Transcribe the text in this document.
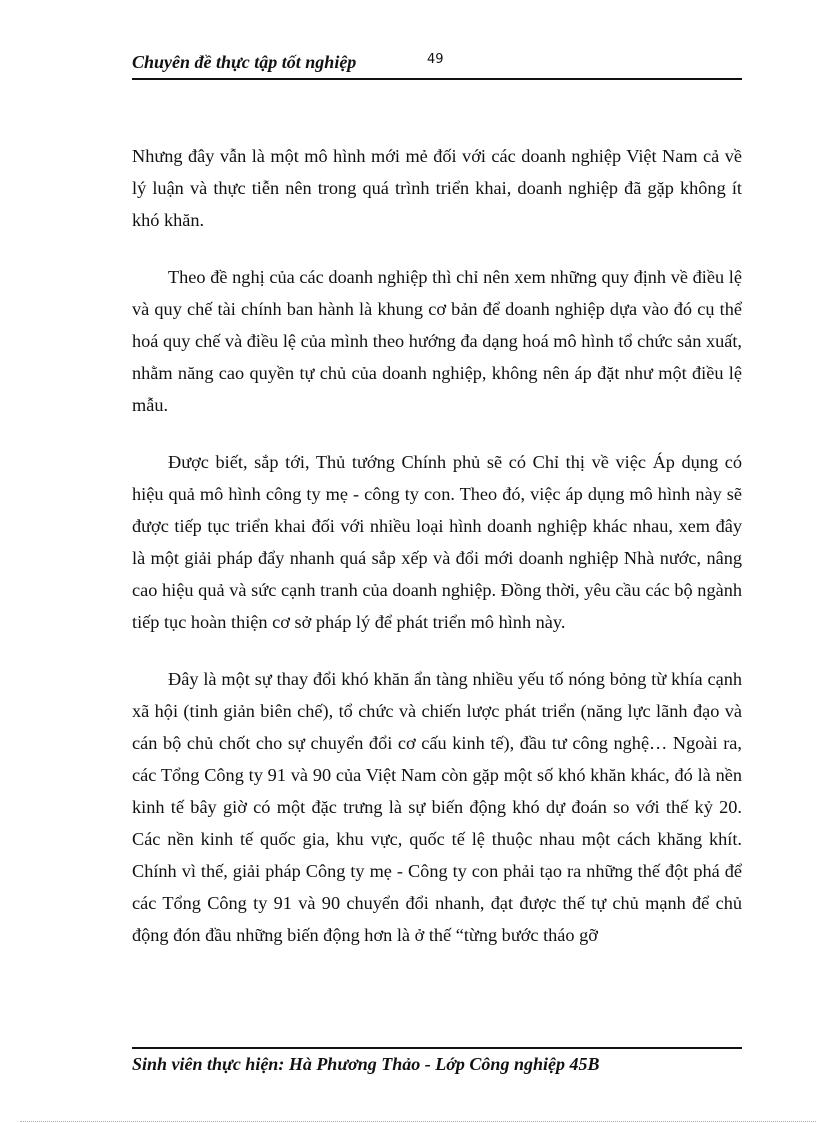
Chuyên đề thực tập tốt nghiệp	49

Nhưng đây vẫn là một mô hình mới mẻ đối với các doanh nghiệp Việt Nam cả về lý luận và thực tiễn nên trong quá trình triển khai, doanh nghiệp đã gặp không ít khó khăn.

Theo đề nghị của các doanh nghiệp thì chỉ nên xem những quy định về điều lệ và quy chế tài chính ban hành là khung cơ bản để doanh nghiệp dựa vào đó cụ thể hoá quy chế và điều lệ của mình theo hướng đa dạng hoá mô hình tổ chức sản xuất, nhằm năng cao quyền tự chủ của doanh nghiệp, không nên áp đặt như một điều lệ mẫu.

Được biết, sắp tới, Thủ tướng Chính phủ sẽ có Chỉ thị về việc Áp dụng có hiệu quả mô hình công ty mẹ - công ty con. Theo đó, việc áp dụng mô hình này sẽ được tiếp tục triển khai đối với nhiều loại hình doanh nghiệp khác nhau, xem đây là một giải pháp đẩy nhanh quá sắp xếp và đổi mới doanh nghiệp Nhà nước, nâng cao hiệu quả và sức cạnh tranh của doanh nghiệp. Đồng thời, yêu cầu các bộ ngành tiếp tục hoàn thiện cơ sở pháp lý để phát triển mô hình này.

Đây là một sự thay đổi khó khăn ẩn tàng nhiều yếu tố nóng bỏng từ khía cạnh xã hội (tinh giản biên chế), tổ chức và chiến lược phát triển (năng lực lãnh đạo và cán bộ chủ chốt cho sự chuyển đổi cơ cấu kinh tế), đầu tư công nghệ… Ngoài ra, các Tổng Công ty 91 và 90 của Việt Nam còn gặp một số khó khăn khác, đó là nền kinh tế bây giờ có một đặc trưng là sự biến động khó dự đoán so với thế kỷ 20. Các nền kinh tế quốc gia, khu vực, quốc tế lệ thuộc nhau một cách khăng khít. Chính vì thế, giải pháp Công ty mẹ - Công ty con phải tạo ra những thế đột phá để các Tổng Công ty 91 và 90 chuyển đổi nhanh, đạt được thế tự chủ mạnh để chủ động đón đầu những biến động hơn là ở thế “từng bước tháo gỡ

Sinh viên thực hiện: Hà Phương Thảo - Lớp Công nghiệp 45B
